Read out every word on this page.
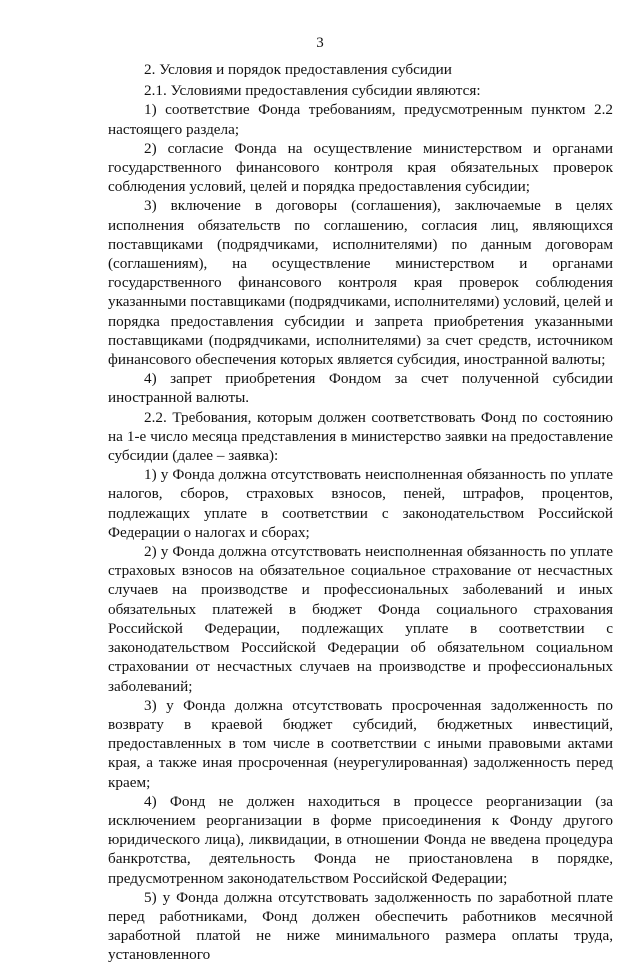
3

2. Условия и порядок предоставления субсидии

2.1. Условиями предоставления субсидии являются:

1) соответствие Фонда требованиям, предусмотренным пунктом 2.2 настоящего раздела;

2) согласие Фонда на осуществление министерством и органами государственного финансового контроля края обязательных проверок соблюдения условий, целей и порядка предоставления субсидии;

3) включение в договоры (соглашения), заключаемые в целях исполнения обязательств по соглашению, согласия лиц, являющихся поставщиками (подрядчиками, исполнителями) по данным договорам (соглашениям), на осуществление министерством и органами государственного финансового контроля края проверок соблюдения указанными поставщиками (подрядчиками, исполнителями) условий, целей и порядка предоставления субсидии и запрета приобретения указанными поставщиками (подрядчиками, исполнителями) за счет средств, источником финансового обеспечения которых является субсидия, иностранной валюты;

4) запрет приобретения Фондом за счет полученной субсидии иностранной валюты.

2.2. Требования, которым должен соответствовать Фонд по состоянию на 1-е число месяца представления в министерство заявки на предоставление субсидии (далее – заявка):

1) у Фонда должна отсутствовать неисполненная обязанность по уплате налогов, сборов, страховых взносов, пеней, штрафов, процентов, подлежащих уплате в соответствии с законодательством Российской Федерации о налогах и сборах;

2) у Фонда должна отсутствовать неисполненная обязанность по уплате страховых взносов на обязательное социальное страхование от несчастных случаев на производстве и профессиональных заболеваний и иных обязательных платежей в бюджет Фонда социального страхования Российской Федерации, подлежащих уплате в соответствии с законодательством Российской Федерации об обязательном социальном страховании от несчастных случаев на производстве и профессиональных заболеваний;

3) у Фонда должна отсутствовать просроченная задолженность по возврату в краевой бюджет субсидий, бюджетных инвестиций, предоставленных в том числе в соответствии с иными правовыми актами края, а также иная просроченная (неурегулированная) задолженность перед краем;

4) Фонд не должен находиться в процессе реорганизации (за исключением реорганизации в форме присоединения к Фонду другого юридического лица), ликвидации, в отношении Фонда не введена процедура банкротства, деятельность Фонда не приостановлена в порядке, предусмотренном законодательством Российской Федерации;

5) у Фонда должна отсутствовать задолженность по заработной плате перед работниками, Фонд должен обеспечить работников месячной заработной платой не ниже минимального размера оплаты труда, установленного
